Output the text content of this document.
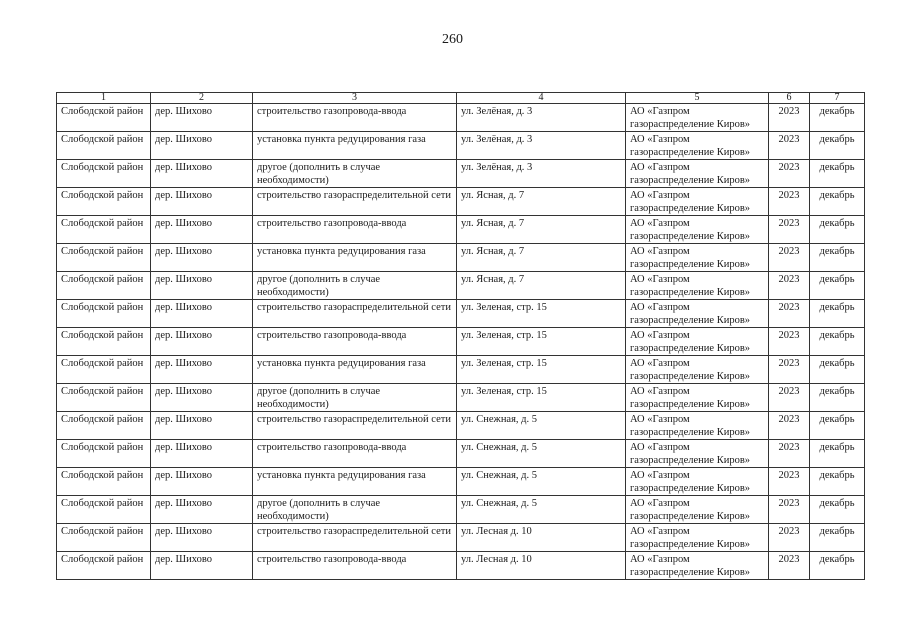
260
1	2	3	4	5	6	7
Слободской район	дер. Шихово	строительство газопровода-ввода	ул. Зелёная, д. 3	АО «Газпром газораспределение Киров»	2023	декабрь
Слободской район	дер. Шихово	установка пункта редуцирования газа	ул. Зелёная, д. 3	АО «Газпром газораспределение Киров»	2023	декабрь
Слободской район	дер. Шихово	другое (дополнить в случае необходимости)	ул. Зелёная, д. 3	АО «Газпром газораспределение Киров»	2023	декабрь
Слободской район	дер. Шихово	строительство газораспределительной сети	ул. Ясная, д. 7	АО «Газпром газораспределение Киров»	2023	декабрь
Слободской район	дер. Шихово	строительство газопровода-ввода	ул. Ясная, д. 7	АО «Газпром газораспределение Киров»	2023	декабрь
Слободской район	дер. Шихово	установка пункта редуцирования газа	ул. Ясная, д. 7	АО «Газпром газораспределение Киров»	2023	декабрь
Слободской район	дер. Шихово	другое (дополнить в случае необходимости)	ул. Ясная, д. 7	АО «Газпром газораспределение Киров»	2023	декабрь
Слободской район	дер. Шихово	строительство газораспределительной сети	ул. Зеленая, стр. 15	АО «Газпром газораспределение Киров»	2023	декабрь
Слободской район	дер. Шихово	строительство газопровода-ввода	ул. Зеленая, стр. 15	АО «Газпром газораспределение Киров»	2023	декабрь
Слободской район	дер. Шихово	установка пункта редуцирования газа	ул. Зеленая, стр. 15	АО «Газпром газораспределение Киров»	2023	декабрь
Слободской район	дер. Шихово	другое (дополнить в случае необходимости)	ул. Зеленая, стр. 15	АО «Газпром газораспределение Киров»	2023	декабрь
Слободской район	дер. Шихово	строительство газораспределительной сети	ул. Снежная, д. 5	АО «Газпром газораспределение Киров»	2023	декабрь
Слободской район	дер. Шихово	строительство газопровода-ввода	ул. Снежная, д. 5	АО «Газпром газораспределение Киров»	2023	декабрь
Слободской район	дер. Шихово	установка пункта редуцирования газа	ул. Снежная, д. 5	АО «Газпром газораспределение Киров»	2023	декабрь
Слободской район	дер. Шихово	другое (дополнить в случае необходимости)	ул. Снежная, д. 5	АО «Газпром газораспределение Киров»	2023	декабрь
Слободской район	дер. Шихово	строительство газораспределительной сети	ул. Лесная д. 10	АО «Газпром газораспределение Киров»	2023	декабрь
Слободской район	дер. Шихово	строительство газопровода-ввода	ул. Лесная д. 10	АО «Газпром газораспределение Киров»	2023	декабрь
